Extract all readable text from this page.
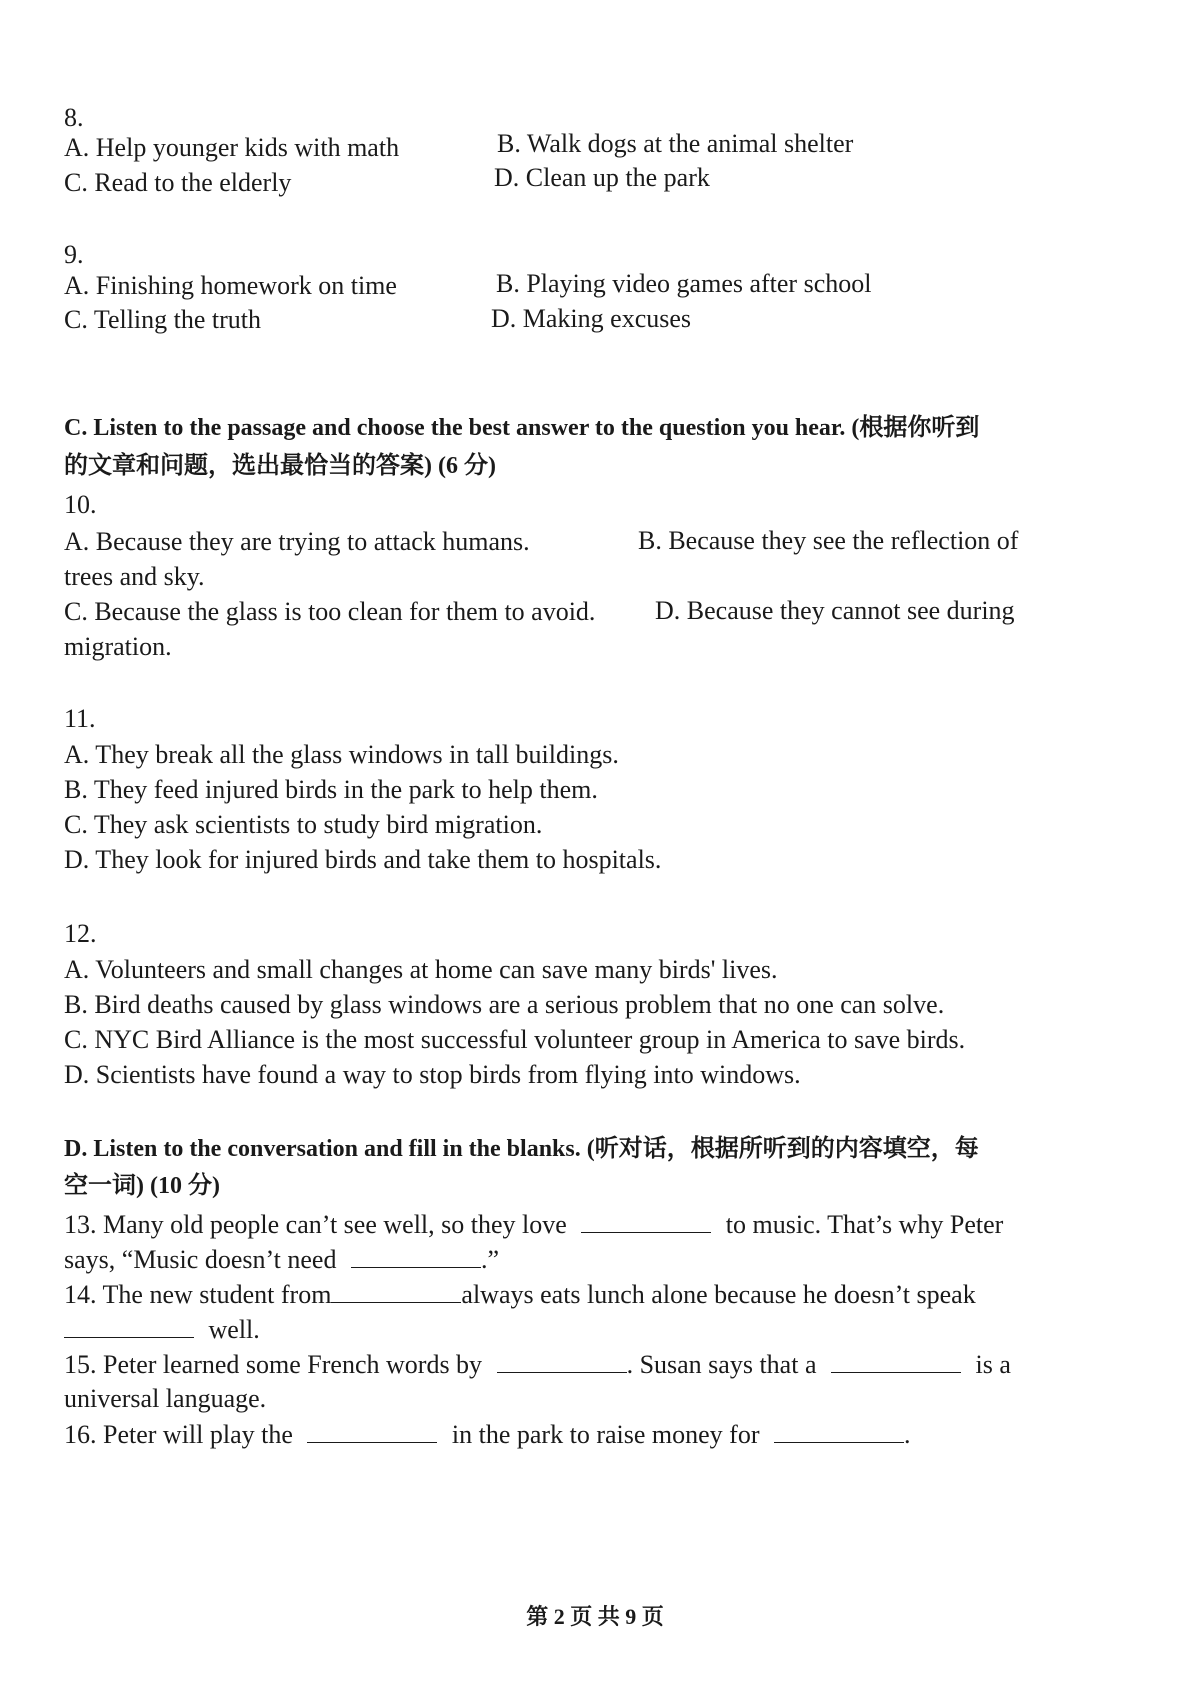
8.
A. Help younger kids with math	B. Walk dogs at the animal shelter
C. Read to the elderly	D. Clean up the park
9.
A. Finishing homework on time	B. Playing video games after school
C. Telling the truth	D. Making excuses
C. Listen to the passage and choose the best answer to the question you hear. (根据你听到
的文章和问题，选出最恰当的答案) (6 分)
10.
A. Because they are trying to attack humans.	B. Because they see the reflection of
trees and sky.
C. Because the glass is too clean for them to avoid. D. Because they cannot see during
migration.
11.
A. They break all the glass windows in tall buildings.
B. They feed injured birds in the park to help them.
C. They ask scientists to study bird migration.
D. They look for injured birds and take them to hospitals.
12.
A. Volunteers and small changes at home can save many birds' lives.
B. Bird deaths caused by glass windows are a serious problem that no one can solve.
C. NYC Bird Alliance is the most successful volunteer group in America to save birds.
D. Scientists have found a way to stop birds from flying into windows.
D. Listen to the conversation and fill in the blanks. (听对话，根据所听到的内容填空，每
空一词) (10 分)
13. Many old people can’t see well, so they love	to music. That’s why Peter
says, “Music doesn’t need	.”
14. The new student from	always eats lunch alone because he doesn’t speak
well.
15. Peter learned some French words by	. Susan says that a	is a
universal language.
16. Peter will play the	in the park to raise money for	.
第 2 页 共 9 页
